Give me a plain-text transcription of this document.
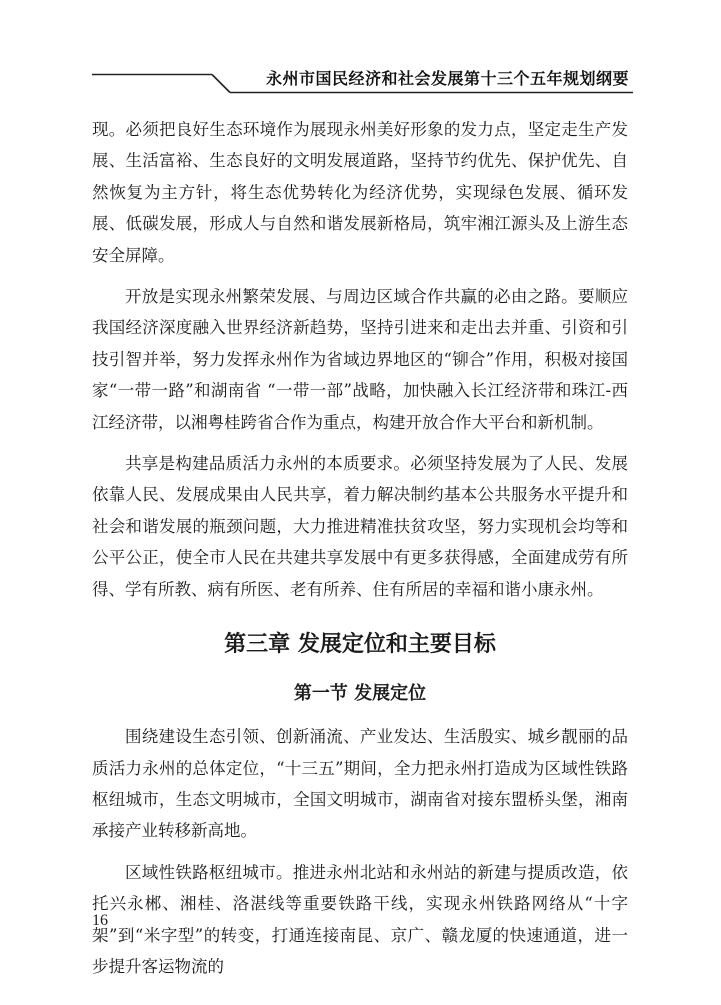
永州市国民经济和社会发展第十三个五年规划纲要

现。必须把良好生态环境作为展现永州美好形象的发力点，坚定走生产发展、生活富裕、生态良好的文明发展道路，坚持节约优先、保护优先、自然恢复为主方针，将生态优势转化为经济优势，实现绿色发展、循环发展、低碳发展，形成人与自然和谐发展新格局，筑牢湘江源头及上游生态安全屏障。

开放是实现永州繁荣发展、与周边区域合作共赢的必由之路。要顺应我国经济深度融入世界经济新趋势，坚持引进来和走出去并重、引资和引技引智并举，努力发挥永州作为省域边界地区的“铆合”作用，积极对接国家“一带一路”和湖南省 “一带一部”战略，加快融入长江经济带和珠江-西江经济带，以湘粤桂跨省合作为重点，构建开放合作大平台和新机制。

共享是构建品质活力永州的本质要求。必须坚持发展为了人民、发展依靠人民、发展成果由人民共享，着力解决制约基本公共服务水平提升和社会和谐发展的瓶颈问题，大力推进精准扶贫攻坚，努力实现机会均等和公平公正，使全市人民在共建共享发展中有更多获得感，全面建成劳有所得、学有所教、病有所医、老有所养、住有所居的幸福和谐小康永州。

第三章 发展定位和主要目标
第一节 发展定位

围绕建设生态引领、创新涌流、产业发达、生活殷实、城乡靓丽的品质活力永州的总体定位，“十三五”期间，全力把永州打造成为区域性铁路枢纽城市，生态文明城市，全国文明城市，湖南省对接东盟桥头堡，湘南承接产业转移新高地。

区域性铁路枢纽城市。推进永州北站和永州站的新建与提质改造，依托兴永郴、湘桂、洛湛线等重要铁路干线，实现永州铁路网络从“十字架”到“米字型”的转变，打通连接南昆、京广、赣龙厦的快速通道，进一步提升客运物流的

16
